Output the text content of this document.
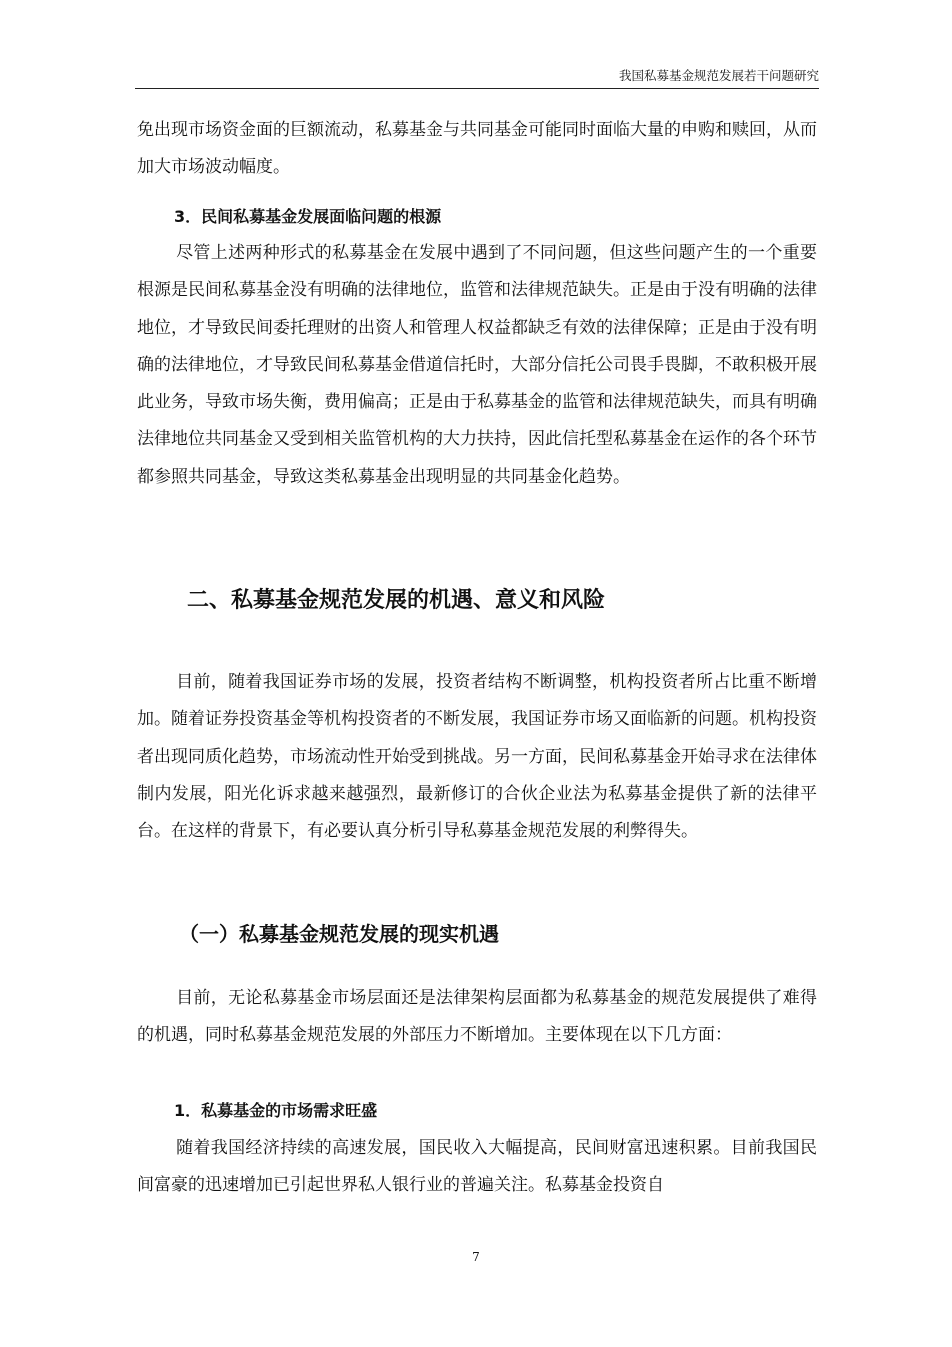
我国私募基金规范发展若干问题研究
免出现市场资金面的巨额流动，私募基金与共同基金可能同时面临大量的申购和赎回，从而加大市场波动幅度。
3．民间私募基金发展面临问题的根源
尽管上述两种形式的私募基金在发展中遇到了不同问题，但这些问题产生的一个重要根源是民间私募基金没有明确的法律地位，监管和法律规范缺失。正是由于没有明确的法律地位，才导致民间委托理财的出资人和管理人权益都缺乏有效的法律保障；正是由于没有明确的法律地位，才导致民间私募基金借道信托时，大部分信托公司畏手畏脚，不敢积极开展此业务，导致市场失衡，费用偏高；正是由于私募基金的监管和法律规范缺失，而具有明确法律地位共同基金又受到相关监管机构的大力扶持，因此信托型私募基金在运作的各个环节都参照共同基金，导致这类私募基金出现明显的共同基金化趋势。
二、私募基金规范发展的机遇、意义和风险
目前，随着我国证券市场的发展，投资者结构不断调整，机构投资者所占比重不断增加。随着证券投资基金等机构投资者的不断发展，我国证券市场又面临新的问题。机构投资者出现同质化趋势，市场流动性开始受到挑战。另一方面，民间私募基金开始寻求在法律体制内发展，阳光化诉求越来越强烈，最新修订的合伙企业法为私募基金提供了新的法律平台。在这样的背景下，有必要认真分析引导私募基金规范发展的利弊得失。
（一）私募基金规范发展的现实机遇
目前，无论私募基金市场层面还是法律架构层面都为私募基金的规范发展提供了难得的机遇，同时私募基金规范发展的外部压力不断增加。主要体现在以下几方面：
1．私募基金的市场需求旺盛
随着我国经济持续的高速发展，国民收入大幅提高，民间财富迅速积累。目前我国民间富豪的迅速增加已引起世界私人银行业的普遍关注。私募基金投资自
7
